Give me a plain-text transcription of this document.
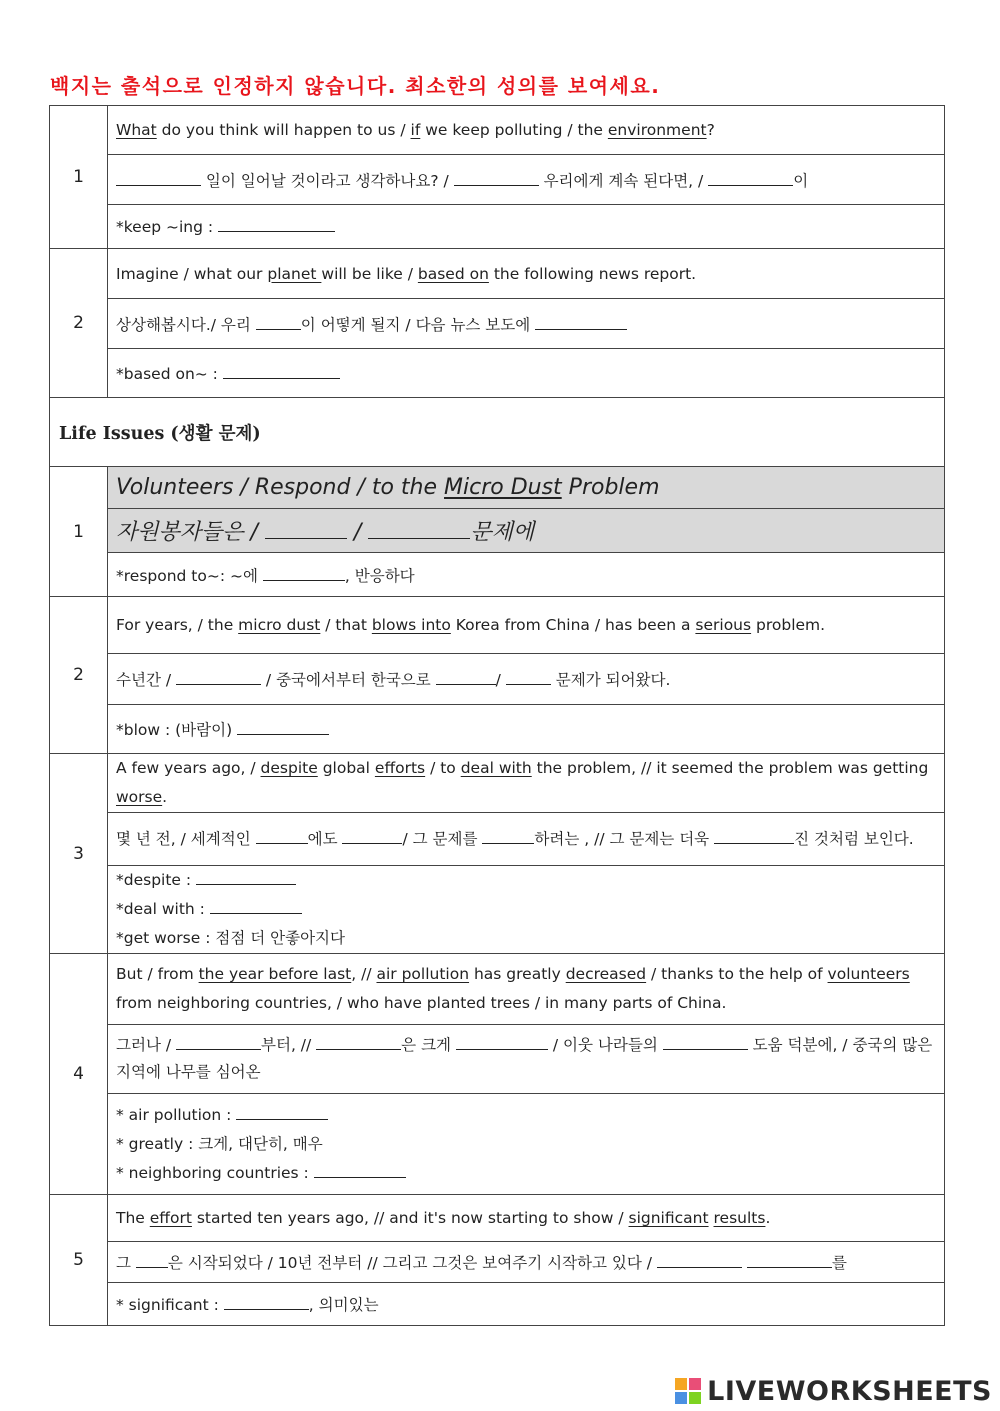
백지는 출석으로 인정하지 않습니다. 최소한의 성의를 보여세요.
1	What do you think will happen to us / if we keep polluting / the environment?
	일이 일어날 것이라고 생각하나요? / 우리에게 계속 된다면, / 이
	*keep ~ing :
2	Imagine / what our planet will be like / based on the following news report.
	상상해봅시다./ 우리 이 어떻게 될지 / 다음 뉴스 보도에
	*based on~ :
Life Issues (생활 문제)	
1	Volunteers / Respond / to the Micro Dust Problem
	자원봉자들은 / / 문제에
	*respond to~: ~에 , 반응하다
2	For years, / the micro dust / that blows into Korea from China / has been a serious problem.
	수년간 / / 중국에서부터 한국으로 / 문제가 되어왔다.
	*blow : (바람이)
3	A few years ago, / despite global efforts / to deal with the problem, // it seemed the problem was getting worse.
	몇 년 전, / 세계적인 에도 / 그 문제를 하려는 , // 그 문제는 더욱 진 것처럼 보인다.

	*despite :
*deal with :
*get worse : 점점 더 안좋아지다

4	But / from the year before last, // air pollution has greatly decreased / thanks to the help of volunteers from neighboring countries, / who have planted trees / in many parts of China.
	그러나 / 부터, // 은 크게 / 이웃 나라들의 도움 덕분에, / 중국의 많은 지역에 나무를 심어온

	* air pollution :
* greatly : 크게, 대단히, 매우
* neighboring countries :

5	The effort started ten years ago, // and it's now starting to show / significant results.
	그 은 시작되었다 / 10년 전부터 // 그리고 그것은 보여주기 시작하고 있다 / 를
	* significant : , 의미있는
LIVEWORKSHEETS
